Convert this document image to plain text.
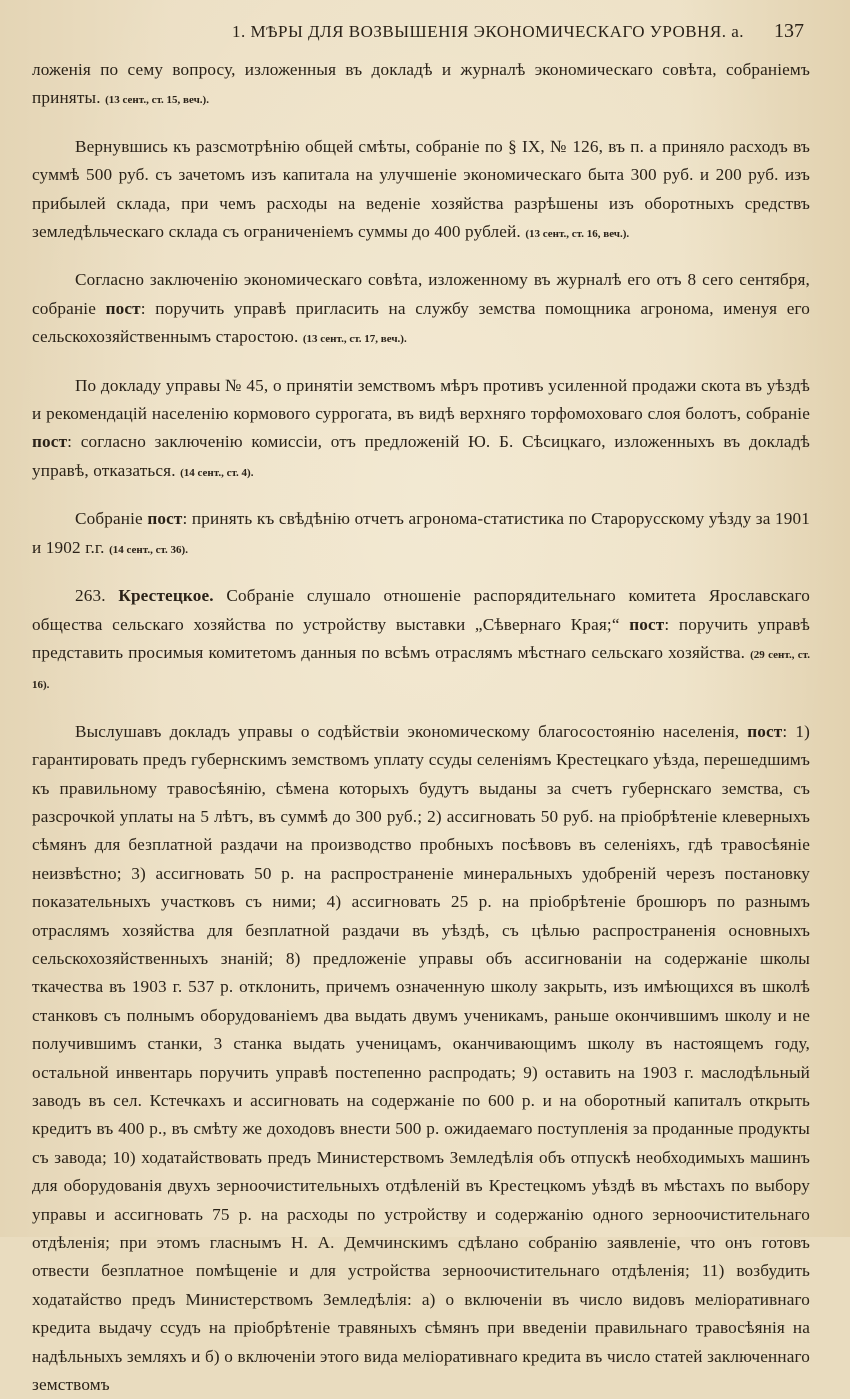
1. МѢРЫ ДЛЯ ВОЗВЫШЕНІЯ ЭКОНОМИЧЕСКАГО УРОВНЯ. а. 137

ложенія по сему вопросу, изложенныя въ докладѣ и журналѣ экономическаго совѣта, собраніемъ приняты. (13 сент., ст. 15, веч.).

Вернувшись къ разсмотрѣнію общей смѣты, собраніе по § IX, № 126, въ п. а приняло расходъ въ суммѣ 500 руб. съ зачетомъ изъ капитала на улучшеніе экономическаго быта 300 руб. и 200 руб. изъ прибылей склада, при чемъ расходы на веденіе хозяйства разрѣшены изъ оборотныхъ средствъ земледѣльческаго склада съ ограниченіемъ суммы до 400 рублей. (13 сент., ст. 16, веч.).

Согласно заключенію экономическаго совѣта, изложенному въ журналѣ его отъ 8 сего сентября, собраніе пост: поручить управѣ пригласить на службу земства помощника агронома, именуя его сельскохозяйственнымъ старостою. (13 сент., ст. 17, веч.).

По докладу управы № 45, о принятіи земствомъ мѣръ противъ усиленной продажи скота въ уѣздѣ и рекомендацій населенію кормового суррогата, въ видѣ верхняго торфомоховаго слоя болотъ, собраніе пост: согласно заключенію комиссіи, отъ предложеній Ю. Б. Сѣсицкаго, изложенныхъ въ докладѣ управѣ, отказаться. (14 сент., ст. 4).

Собраніе пост: принять къ свѣдѣнію отчетъ агронома-статистика по Старорусскому уѣзду за 1901 и 1902 г.г. (14 сент., ст. 36).

263. Крестецкое. Собраніе слушало отношеніе распорядительнаго комитета Ярославскаго общества сельскаго хозяйства по устройству выставки „Сѣвернаго Края;“ пост: поручить управѣ представить просимыя комитетомъ данныя по всѣмъ отраслямъ мѣстнаго сельскаго хозяйства. (29 сент., ст. 16).

Выслушавъ докладъ управы о содѣйствіи экономическому благосостоянію населенія, пост: 1) гарантировать предъ губернскимъ земствомъ уплату ссуды селеніямъ Крестецкаго уѣзда, перешедшимъ къ правильному травосѣянію, сѣмена которыхъ будутъ выданы за счетъ губернскаго земства, съ разсрочкой уплаты на 5 лѣтъ, въ суммѣ до 300 руб.; 2) ассигновать 50 руб. на пріобрѣтеніе клеверныхъ сѣмянъ для безплатной раздачи на производство пробныхъ посѣвовъ въ селеніяхъ, гдѣ травосѣяніе неизвѣстно; 3) ассигновать 50 р. на распространеніе минеральныхъ удобреній черезъ постановку показательныхъ участковъ съ ними; 4) ассигновать 25 р. на пріобрѣтеніе брошюръ по разнымъ отраслямъ хозяйства для безплатной раздачи въ уѣздѣ, съ цѣлью распространенія основныхъ сельскохозяйственныхъ знаній; 8) предложеніе управы объ ассигнованіи на содержаніе школы ткачества въ 1903 г. 537 р. отклонить, причемъ означенную школу закрыть, изъ имѣющихся въ школѣ станковъ съ полнымъ оборудованіемъ два выдать двумъ ученикамъ, раньше окончившимъ школу и не получившимъ станки, 3 станка выдать ученицамъ, оканчивающимъ школу въ настоящемъ году, остальной инвентарь поручить управѣ постепенно распродать; 9) оставить на 1903 г. маслодѣльный заводъ въ сел. Кстечкахъ и ассигновать на содержаніе по 600 р. и на оборотный капиталъ открыть кредитъ въ 400 р., въ смѣту же доходовъ внести 500 р. ожидаемаго поступленія за проданные продукты съ завода; 10) ходатайствовать предъ Министерствомъ Земледѣлія объ отпускѣ необходимыхъ машинъ для оборудованія двухъ зерноочистительныхъ отдѣленій въ Крестецкомъ уѣздѣ въ мѣстахъ по выбору управы и ассигновать 75 р. на расходы по устройству и содержанію одного зерноочистительнаго отдѣленія; при этомъ гласнымъ Н. А. Демчинскимъ сдѣлано собранію заявленіе, что онъ готовъ отвести безплатное помѣщеніе и для устройства зерноочистительнаго отдѣленія; 11) возбудить ходатайство предъ Министерствомъ Земледѣлія: а) о включеніи въ число видовъ меліоративнаго кредита выдачу ссудъ на пріобрѣтеніе травяныхъ сѣмянъ при введеніи правильнаго травосѣянія на надѣльныхъ земляхъ и б) о включеніи этого вида меліоративнаго кредита въ число статей заключеннаго земствомъ
